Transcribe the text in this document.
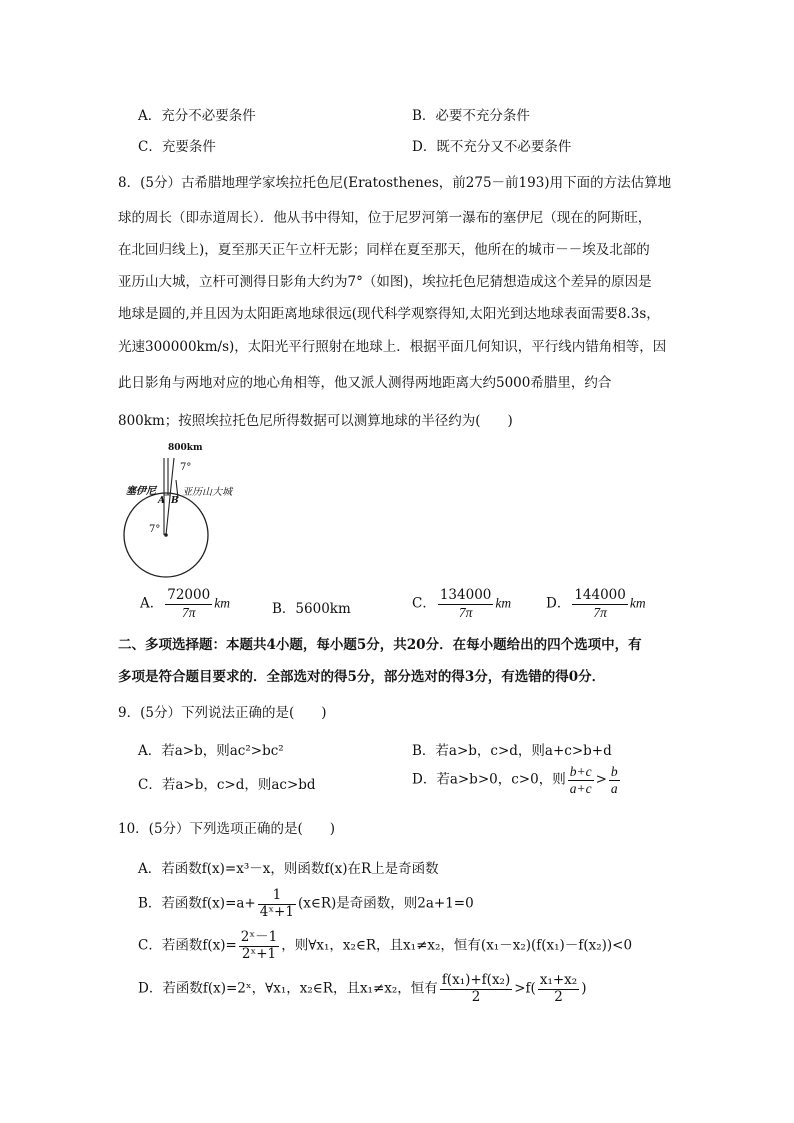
A．充分不必要条件	B．必要不充分条件
C．充要条件	D．既不充分又不必要条件
8．(5分）古希腊地理学家埃拉托色尼(Eratosthenes，前275－前193)用下面的方法估算地
球的周长（即赤道周长）．他从书中得知，位于尼罗河第一瀑布的塞伊尼（现在的阿斯旺，
在北回归线上)，夏至那天正午立杆无影；同样在夏至那天，他所在的城市－－埃及北部的
亚历山大城，立杆可测得日影角大约为7°（如图)，埃拉托色尼猜想造成这个差异的原因是
地球是圆的,并且因为太阳距离地球很远(现代科学观察得知,太阳光到达地球表面需要8.3s，
光速300000km/s)，太阳光平行照射在地球上．根据平面几何知识，平行线内错角相等，因
此日影角与两地对应的地心角相等，他又派人测得两地距离大约5000希腊里，约合
800km；按照埃拉托色尼所得数据可以测算地球的半径约为(　　)
800km
7°
塞伊尼
A B
亚历山大城
7°
A． $\frac{72000}{7\pi}$ km	B．5600km	C． $\frac{134000}{7\pi}$ km	D． $\frac{144000}{7\pi}$ km
二、多项选择题：本题共4小题，每小题5分，共20分．在每小题给出的四个选项中，有
多项是符合题目要求的．全部选对的得5分，部分选对的得3分，有选错的得0分．
9．(5分）下列说法正确的是(　　)
A．若a>b，则ac²>bc²	B．若a>b，c>d，则a+c>b+d
C．若a>b，c>d，则ac>bd	D．若a>b>0，c>0，则 $\frac{b+c}{a+c} > \frac{b}{a}$
10．(5分）下列选项正确的是(　　)
A．若函数f(x)=x³－x，则函数f(x)在R上是奇函数
B．若函数$f(x)=a+ \frac{1}{\text{4ˣ+1}}$ (x∈R)是奇函数，则2a+1=0
C．若函数$f(x)= \frac{\text{2ˣ－1}}{\text{2ˣ+1}}$ ，则∀x₁，x₂∈R，且x₁≠x₂，恒有(x₁－x₂)(f(x₁)－f(x₂))<0
D．若函数f(x)=2ˣ，∀x₁，x₂∈R，且x₁≠x₂，恒有 $\frac{\text{f(x₁)+f(x₂)}}{2} >f( \frac{\text{x₁+x₂}}{2}$ )
